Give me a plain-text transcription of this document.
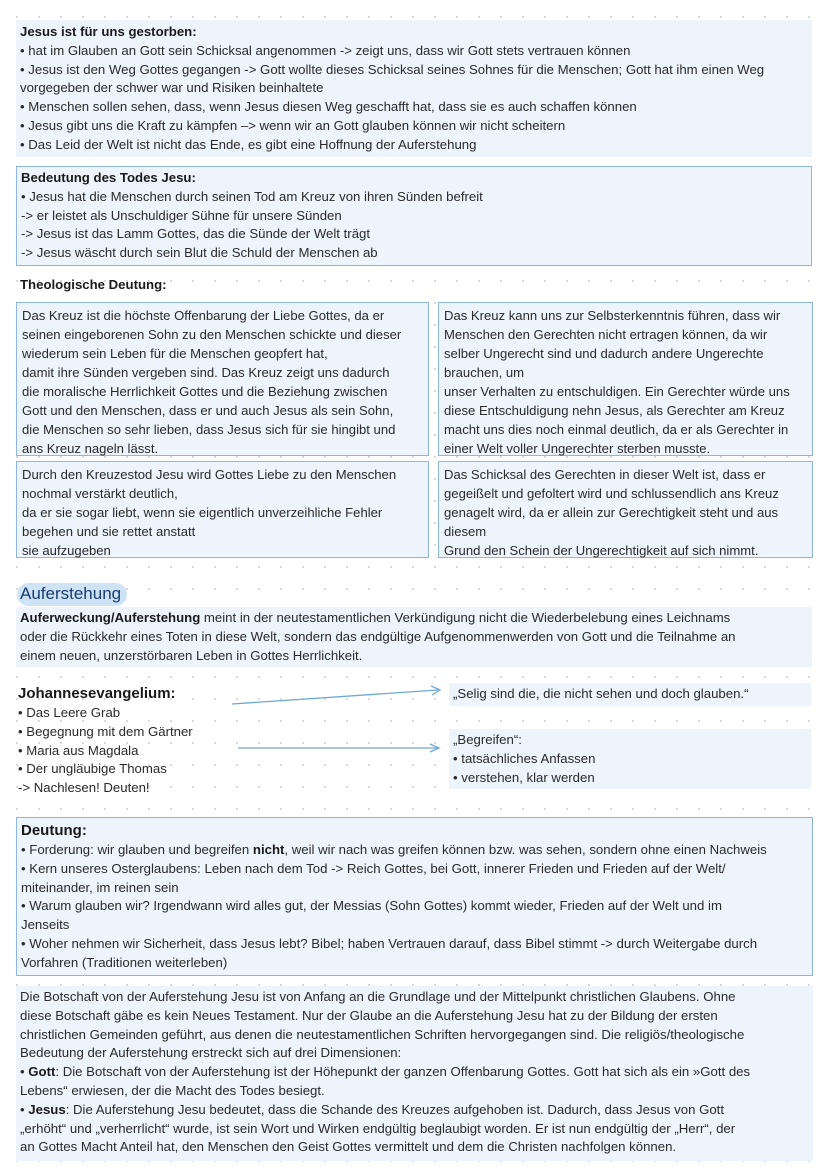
Jesus ist für uns gestorben:
• hat im Glauben an Gott sein Schicksal angenommen -> zeigt uns, dass wir Gott stets vertrauen können
• Jesus ist den Weg Gottes gegangen -> Gott wollte dieses Schicksal seines Sohnes für die Menschen; Gott hat ihm einen Weg
vorgegeben der schwer war und Risiken beinhaltete
• Menschen sollen sehen, dass, wenn Jesus diesen Weg geschafft hat, dass sie es auch schaffen können
• Jesus gibt uns die Kraft zu kämpfen –> wenn wir an Gott glauben können wir nicht scheitern
• Das Leid der Welt ist nicht das Ende, es gibt eine Hoffnung der Auferstehung
Bedeutung des Todes Jesu:
• Jesus hat die Menschen durch seinen Tod am Kreuz von ihren Sünden befreit
-> er leistet als Unschuldiger Sühne für unsere Sünden
-> Jesus ist das Lamm Gottes, das die Sünde der Welt trägt
-> Jesus wäscht durch sein Blut die Schuld der Menschen ab
Theologische Deutung:
Das Kreuz ist die höchste Offenbarung der Liebe Gottes, da er
seinen eingeborenen Sohn zu den Menschen schickte und dieser
wiederum sein Leben für die Menschen geopfert hat,
damit ihre Sünden vergeben sind. Das Kreuz zeigt uns dadurch
die moralische Herrlichkeit Gottes und die Beziehung zwischen
Gott und den Menschen, dass er und auch Jesus als sein Sohn,
die Menschen so sehr lieben, dass Jesus sich für sie hingibt und
ans Kreuz nageln lässt.
Das Kreuz kann uns zur Selbsterkenntnis führen, dass wir
Menschen den Gerechten nicht ertragen können, da wir
selber Ungerecht sind und dadurch andere Ungerechte
brauchen, um
unser Verhalten zu entschuldigen. Ein Gerechter würde uns
diese Entschuldigung nehn Jesus, als Gerechter am Kreuz
macht uns dies noch einmal deutlich, da er als Gerechter in
einer Welt voller Ungerechter sterben musste.
Durch den Kreuzestod Jesu wird Gottes Liebe zu den Menschen
nochmal verstärkt deutlich,
da er sie sogar liebt, wenn sie eigentlich unverzeihliche Fehler
begehen und sie rettet anstatt
sie aufzugeben
Das Schicksal des Gerechten in dieser Welt ist, dass er
gegeißelt und gefoltert wird und schlussendlich ans Kreuz
genagelt wird, da er allein zur Gerechtigkeit steht und aus
diesem
Grund den Schein der Ungerechtigkeit auf sich nimmt.
Auferstehung
Auferweckung/Auferstehung meint in der neutestamentlichen Verkündigung nicht die Wiederbelebung eines Leichnams
oder die Rückkehr eines Toten in diese Welt, sondern das endgültige Aufgenommenwerden von Gott und die Teilnahme an
einem neuen, unzerstörbaren Leben in Gottes Herrlichkeit.
Johannesevangelium:
• Das Leere Grab
• Begegnung mit dem Gärtner
• Maria aus Magdala
• Der ungläubige Thomas
-> Nachlesen! Deuten!
„Selig sind die, die nicht sehen und doch glauben.“
„Begreifen“:
• tatsächliches Anfassen
• verstehen, klar werden
Deutung:
• Forderung: wir glauben und begreifen nicht, weil wir nach was greifen können bzw. was sehen, sondern ohne einen Nachweis
• Kern unseres Osterglaubens: Leben nach dem Tod -> Reich Gottes, bei Gott, innerer Frieden und Frieden auf der Welt/
miteinander, im reinen sein
• Warum glauben wir? Irgendwann wird alles gut, der Messias (Sohn Gottes) kommt wieder, Frieden auf der Welt und im
Jenseits
• Woher nehmen wir Sicherheit, dass Jesus lebt? Bibel; haben Vertrauen darauf, dass Bibel stimmt -> durch Weitergabe durch
Vorfahren (Traditionen weiterleben)
Die Botschaft von der Auferstehung Jesu ist von Anfang an die Grundlage und der Mittelpunkt christlichen Glaubens. Ohne
diese Botschaft gäbe es kein Neues Testament. Nur der Glaube an die Auferstehung Jesu hat zu der Bildung der ersten
christlichen Gemeinden geführt, aus denen die neutestamentlichen Schriften hervorgegangen sind. Die religiös/theologische
Bedeutung der Auferstehung erstreckt sich auf drei Dimensionen:
• Gott: Die Botschaft von der Auferstehung ist der Höhepunkt der ganzen Offenbarung Gottes. Gott hat sich als ein »Gott des
Lebens“ erwiesen, der die Macht des Todes besiegt.
• Jesus: Die Auferstehung Jesu bedeutet, dass die Schande des Kreuzes aufgehoben ist. Dadurch, dass Jesus von Gott
„erhöht“ und „verherrlicht“ wurde, ist sein Wort und Wirken endgültig beglaubigt worden. Er ist nun endgültig der „Herr“, der
an Gottes Macht Anteil hat, den Menschen den Geist Gottes vermittelt und dem die Christen nachfolgen können.
